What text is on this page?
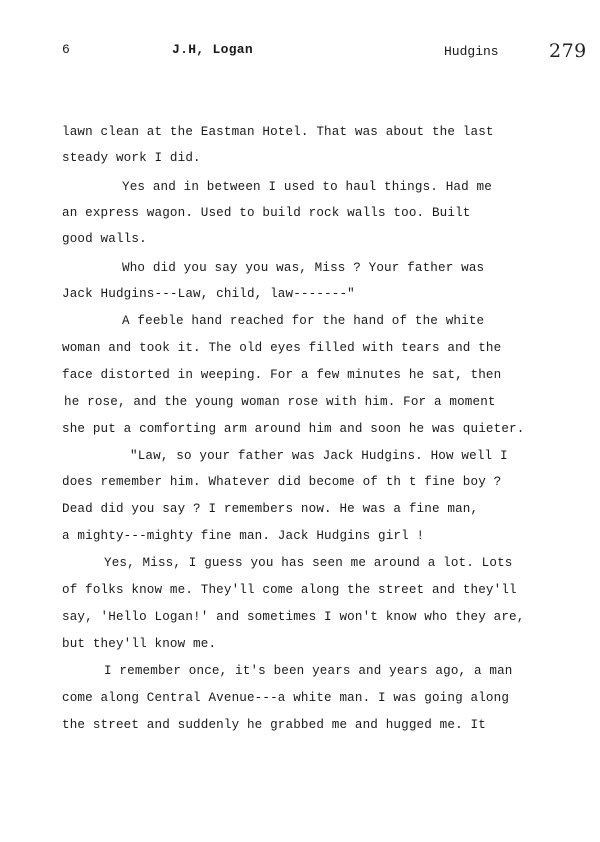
6	J.H, Logan	Hudɡins	279
lawn clean at the Eastman Hotel. That was about the last
steady work I did.
Yes and in between I used to haul things. Had me
an express wagon. Used to build rock walls too. Built
good walls.
Who did you say you was, Miss ? Your father was
Jack Hudgins---Law, child, law-------"
A feeble hand reached for the hand of the white
woman and took it. The old eyes filled with tears and the
face distorted in weeping. For a few minutes he sat, then
he rose, and the young woman rose with him. For a moment
she put a comforting arm around him and soon he was quieter.
"Law, so your father was Jack Hudgins. How well I
does remember him. Whatever did become of th t fine boy ?
Dead did you say ? I remembers now. He was a fine man,
a mighty---mighty fine man. Jack Hudgins girl !
Yes, Miss, I guess you has seen me around a lot. Lots
of folks know me. They'll come along the street and they'll
say, 'Hello Logan!' and sometimes I won't know who they are,
but they'll know me.
I remember once, it's been years and years ago, a man
come along Central Avenue---a white man. I was going along
the street and suddenly he grabbed me and hugged me. It
